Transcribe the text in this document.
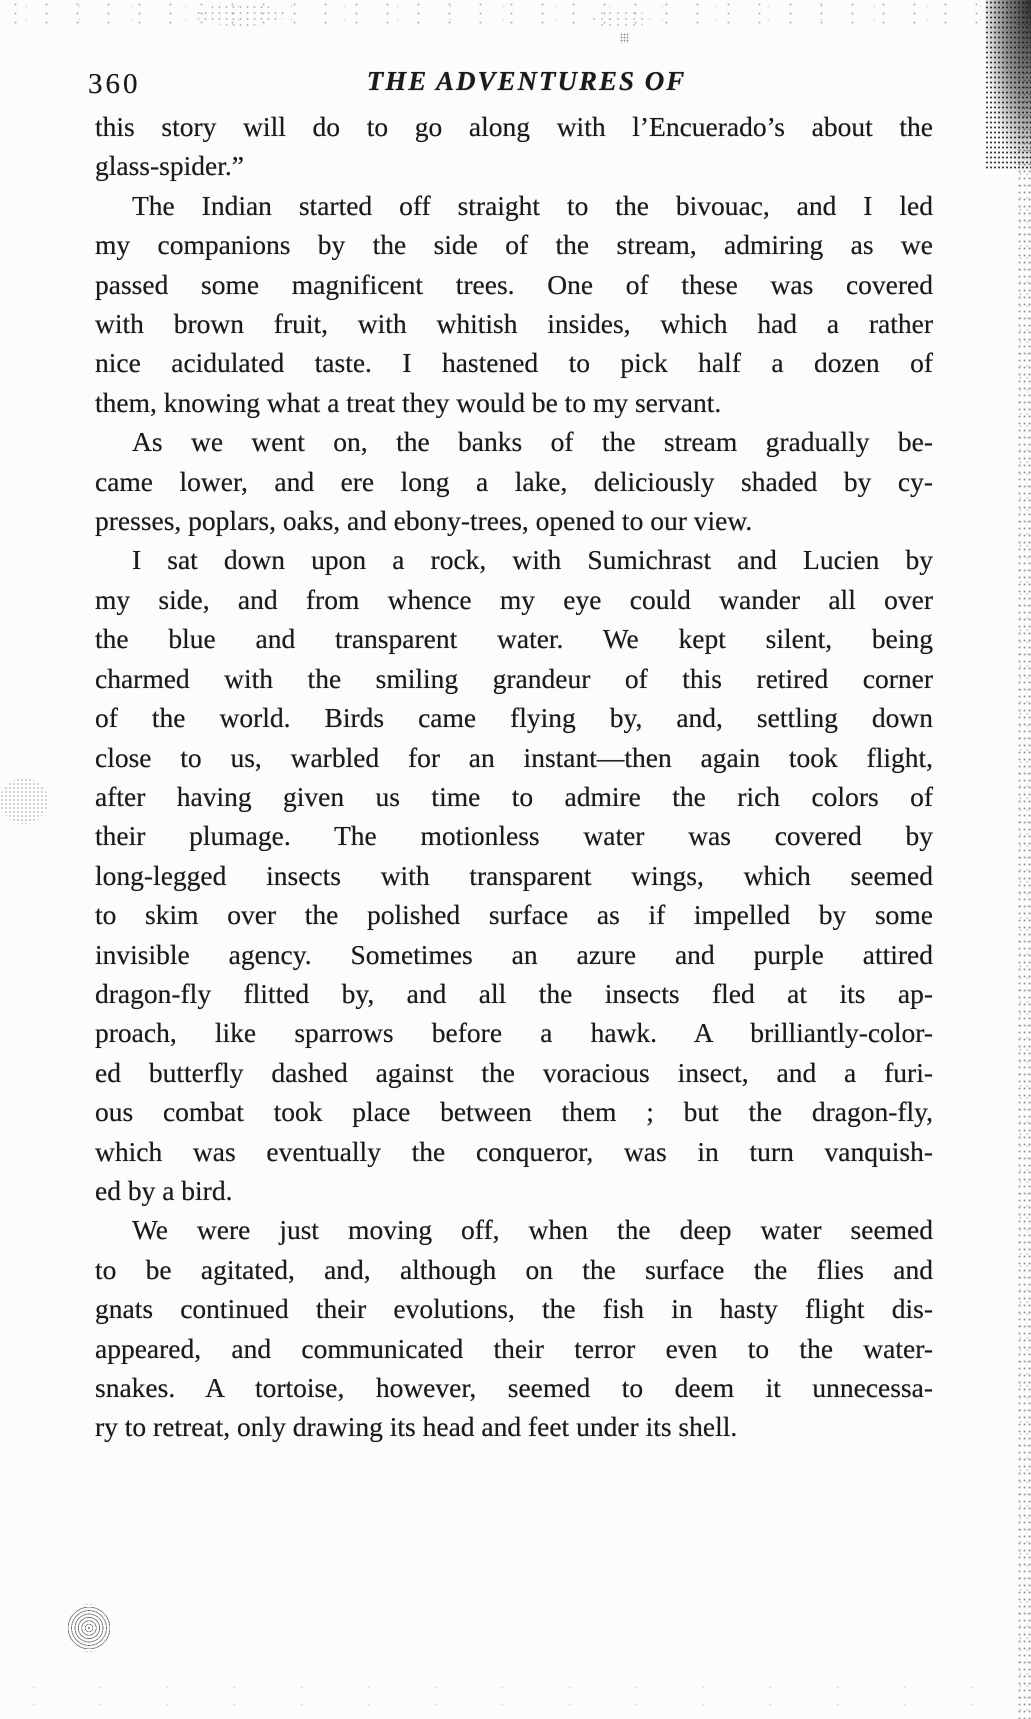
360	THE ADVENTURES OF
this story will do to go along with l’Encuerado’s about the
glass-spider.”
The Indian started off straight to the bivouac, and I led
my companions by the side of the stream, admiring as we
passed some magnificent trees. One of these was covered
with brown fruit, with whitish insides, which had a rather
nice acidulated taste. I hastened to pick half a dozen of
them, knowing what a treat they would be to my servant.
As we went on, the banks of the stream gradually be-
came lower, and ere long a lake, deliciously shaded by cy-
presses, poplars, oaks, and ebony-trees, opened to our view.
I sat down upon a rock, with Sumichrast and Lucien by
my side, and from whence my eye could wander all over
the blue and transparent water. We kept silent, being
charmed with the smiling grandeur of this retired corner
of the world. Birds came flying by, and, settling down
close to us, warbled for an instant—then again took flight,
after having given us time to admire the rich colors of
their plumage. The motionless water was covered by
long-legged insects with transparent wings, which seemed
to skim over the polished surface as if impelled by some
invisible agency. Sometimes an azure and purple attired
dragon-fly flitted by, and all the insects fled at its ap-
proach, like sparrows before a hawk. A brilliantly-color-
ed butterfly dashed against the voracious insect, and a furi-
ous combat took place between them ; but the dragon-fly,
which was eventually the conqueror, was in turn vanquish-
ed by a bird.
We were just moving off, when the deep water seemed
to be agitated, and, although on the surface the flies and
gnats continued their evolutions, the fish in hasty flight dis-
appeared, and communicated their terror even to the water-
snakes. A tortoise, however, seemed to deem it unnecessa-
ry to retreat, only drawing its head and feet under its shell.
